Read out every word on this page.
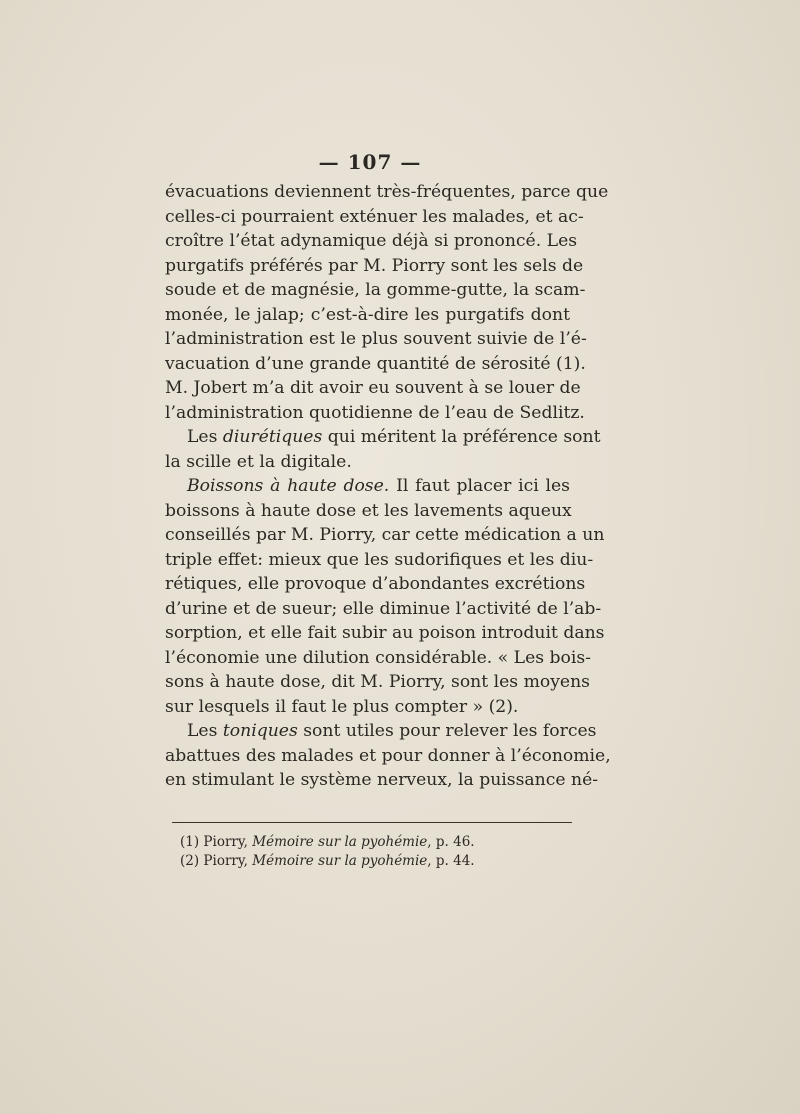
— 107 —
évacuations deviennent très-fréquentes, parce que
celles-ci pourraient exténuer les malades, et ac-
croître l’état adynamique déjà si prononcé. Les
purgatifs préférés par M. Piorry sont les sels de
soude et de magnésie, la gomme-gutte, la scam-
monée, le jalap; c’est-à-dire les purgatifs dont
l’administration est le plus souvent suivie de l’é-
vacuation d’une grande quantité de sérosité (1).
M. Jobert m’a dit avoir eu souvent à se louer de
l’administration quotidienne de l’eau de Sedlitz.
Les diurétiques qui méritent la préférence sont
la scille et la digitale.
Boissons à haute dose. Il faut placer ici les
boissons à haute dose et les lavements aqueux
conseillés par M. Piorry, car cette médication a un
triple effet: mieux que les sudorifiques et les diu-
rétiques, elle provoque d’abondantes excrétions
d’urine et de sueur; elle diminue l’activité de l’ab-
sorption, et elle fait subir au poison introduit dans
l’économie une dilution considérable. « Les bois-
sons à haute dose, dit M. Piorry, sont les moyens
sur lesquels il faut le plus compter » (2).
Les toniques sont utiles pour relever les forces
abattues des malades et pour donner à l’économie,
en stimulant le système nerveux, la puissance né-
(1) Piorry, Mémoire sur la pyohémie, p. 46.
(2) Piorry, Mémoire sur la pyohémie, p. 44.
